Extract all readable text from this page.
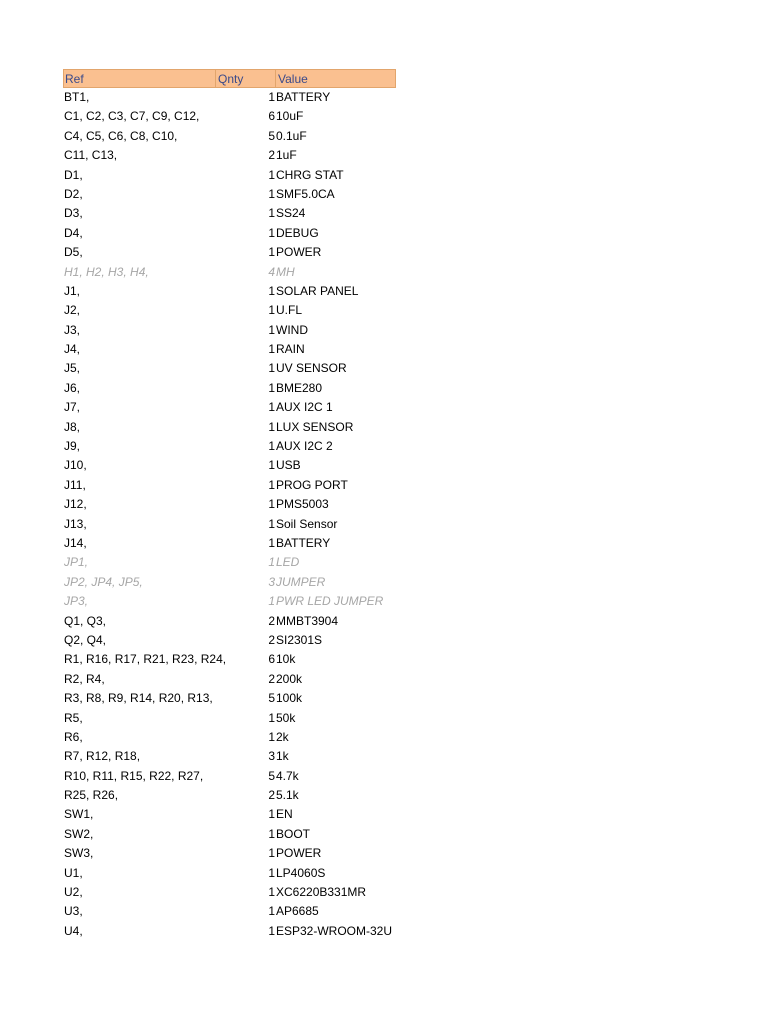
Ref	Qnty	Value
BT1,	1 BATTERY
C1, C2, C3, C7, C9, C12,	6 10uF
C4, C5, C6, C8, C10,	5 0.1uF
C11, C13,	2 1uF
D1,	1 CHRG STAT
D2,	1 SMF5.0CA
D3,	1 SS24
D4,	1 DEBUG
D5,	1 POWER
H1, H2, H3, H4,	4 MH
J1,	1 SOLAR PANEL
J2,	1 U.FL
J3,	1 WIND
J4,	1 RAIN
J5,	1 UV SENSOR
J6,	1 BME280
J7,	1 AUX I2C 1
J8,	1 LUX SENSOR
J9,	1 AUX I2C 2
J10,	1 USB
J11,	1 PROG PORT
J12,	1 PMS5003
J13,	1 Soil Sensor
J14,	1 BATTERY
JP1,	1 LED
JP2, JP4, JP5,	3 JUMPER
JP3,	1 PWR LED JUMPER
Q1, Q3,	2 MMBT3904
Q2, Q4,	2 SI2301S
R1, R16, R17, R21, R23, R24,	6 10k
R2, R4,	2 200k
R3, R8, R9, R14, R20, R13,	5 100k
R5,	1 50k
R6,	1 2k
R7, R12, R18,	3 1k
R10, R11, R15, R22, R27,	5 4.7k
R25, R26,	2 5.1k
SW1,	1 EN
SW2,	1 BOOT
SW3,	1 POWER
U1,	1 LP4060S
U2,	1 XC6220B331MR
U3,	1 AP6685
U4,	1 ESP32-WROOM-32U
